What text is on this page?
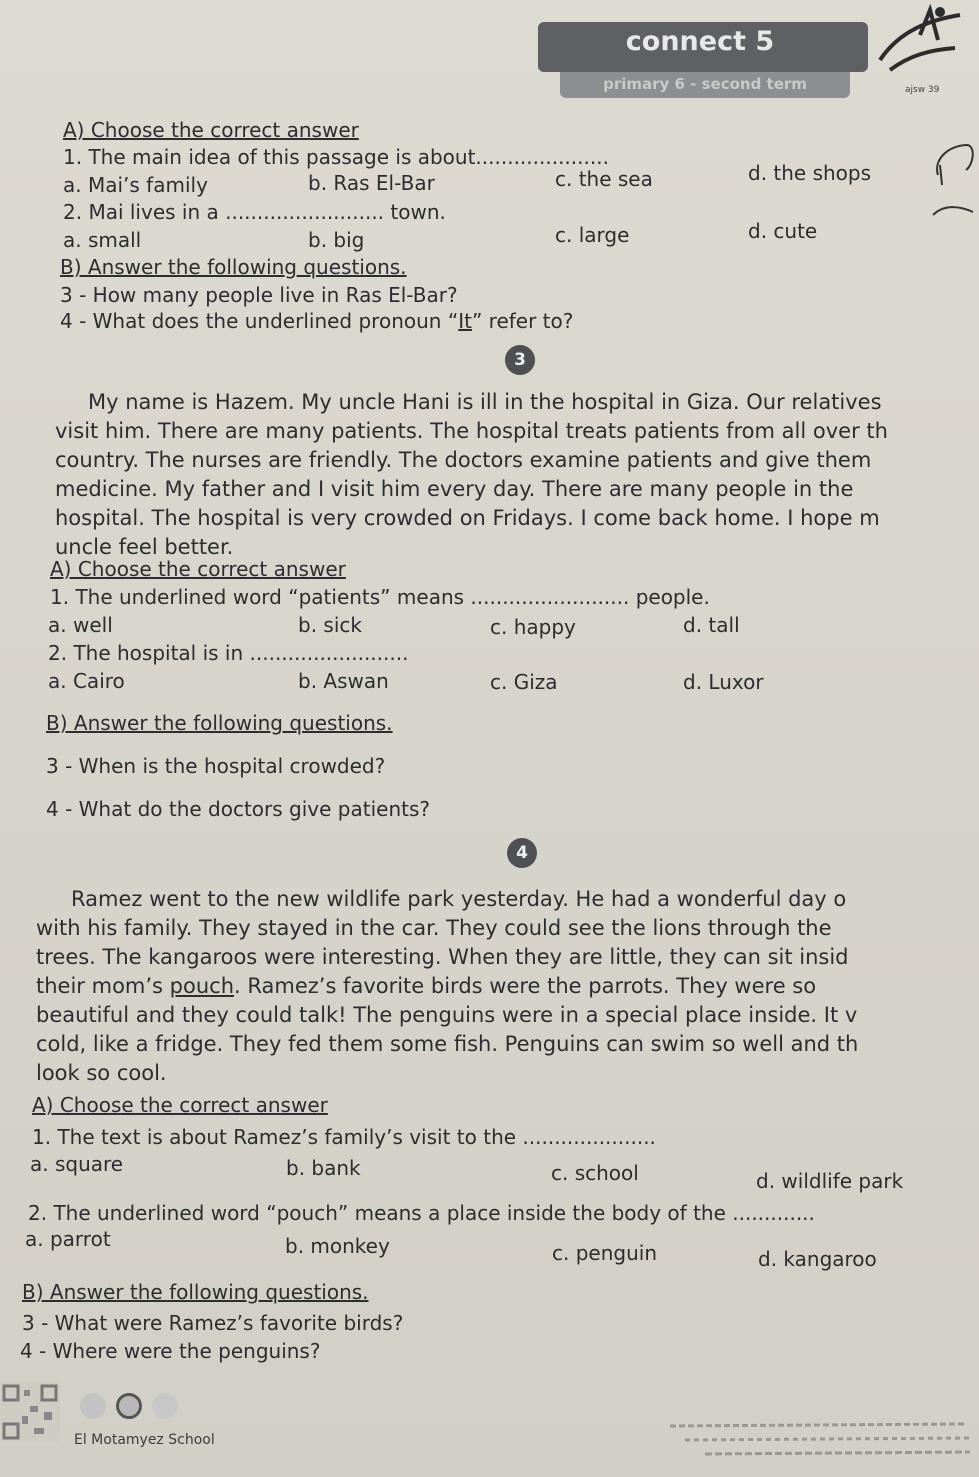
connect 5
primary 6 - second term	ajsw 39
A) Choose the correct answer
1. The main idea of this passage is about.....................
a. Mai’s family	b. Ras El-Bar	c. the sea	d. the shops
2. Mai lives in a ......................... town.
a. small	b. big	c. large	d. cute
B) Answer the following questions.
3 - How many people live in Ras El-Bar?
4 - What does the underlined pronoun “It” refer to?
3
My name is Hazem. My uncle Hani is ill in the hospital in Giza. Our relatives
visit him. There are many patients. The hospital treats patients from all over th
country. The nurses are friendly. The doctors examine patients and give them
medicine. My father and I visit him every day. There are many people in the
hospital. The hospital is very crowded on Fridays. I come back home. I hope m
uncle feel better.
A) Choose the correct answer
1. The underlined word “patients” means ......................... people.
a. well	b. sick	c. happy	d. tall
2. The hospital is in .........................
a. Cairo	b. Aswan	c. Giza	d. Luxor
B) Answer the following questions.
3 - When is the hospital crowded?
4 - What do the doctors give patients?
4
Ramez went to the new wildlife park yesterday. He had a wonderful day o
with his family. They stayed in the car. They could see the lions through the
trees. The kangaroos were interesting. When they are little, they can sit insid
their mom’s pouch. Ramez’s favorite birds were the parrots. They were so
beautiful and they could talk! The penguins were in a special place inside. It v
cold, like a fridge. They fed them some fish. Penguins can swim so well and th
look so cool.
A) Choose the correct answer
1. The text is about Ramez’s family’s visit to the .....................
a. square	b. bank	c. school	d. wildlife park
2. The underlined word “pouch” means a place inside the body of the .............
a. parrot	b. monkey	c. penguin	d. kangaroo
B) Answer the following questions.
3 - What were Ramez’s favorite birds?
4 - Where were the penguins?
El Motamyez School
